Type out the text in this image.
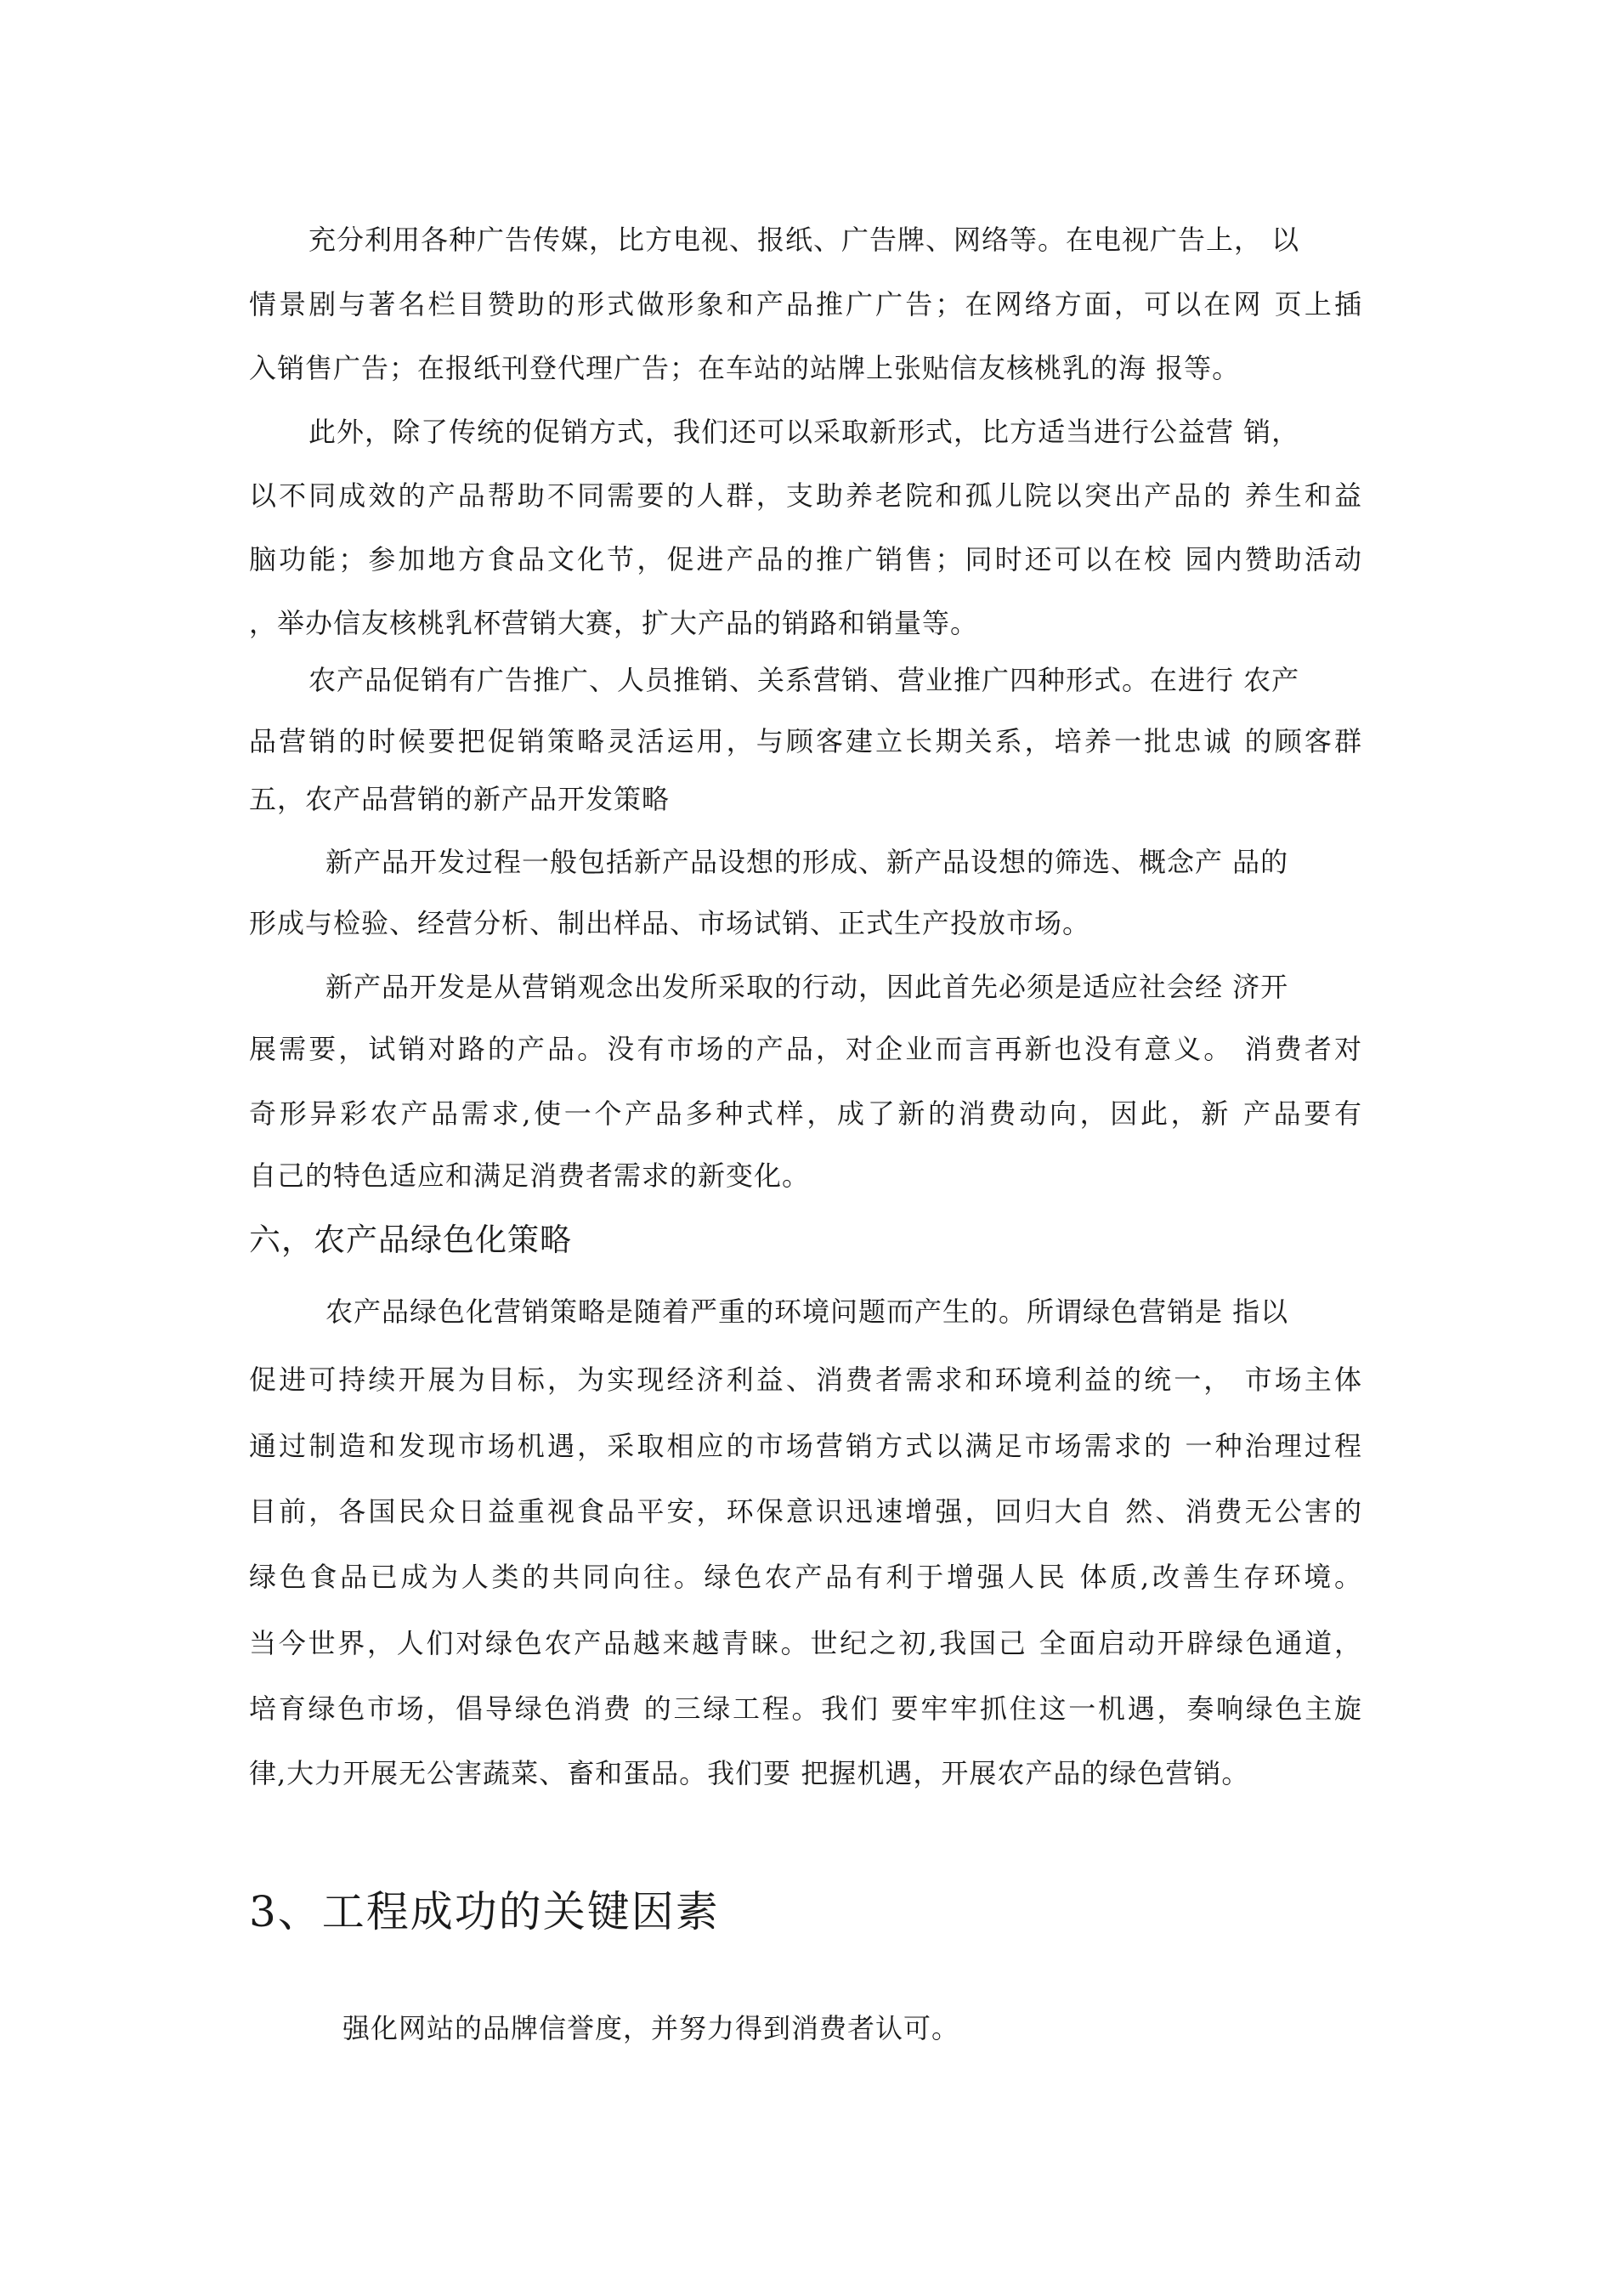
充分利用各种广告传媒，比方电视、报纸、广告牌、网络等。在电视广告上， 以
情景剧与著名栏目赞助的形式做形象和产品推广广告；在网络方面，可以在网 页上插
入销售广告；在报纸刊登代理广告；在车站的站牌上张贴信友核桃乳的海 报等。
此外，除了传统的促销方式，我们还可以采取新形式，比方适当进行公益营 销，
以不同成效的产品帮助不同需要的人群，支助养老院和孤儿院以突出产品的 养生和益
脑功能；参加地方食品文化节，促进产品的推广销售；同时还可以在校 园内赞助活动
，举办信友核桃乳杯营销大赛，扩大产品的销路和销量等。
农产品促销有广告推广、人员推销、关系营销、营业推广四种形式。在进行 农产
品营销的时候要把促销策略灵活运用，与顾客建立长期关系，培养一批忠诚 的顾客群
五，农产品营销的新产品开发策略
新产品开发过程一般包括新产品设想的形成、新产品设想的筛选、概念产 品的
形成与检验、经营分析、制出样品、市场试销、正式生产投放市场。
新产品开发是从营销观念出发所采取的行动，因此首先必须是适应社会经 济开
展需要，试销对路的产品。没有市场的产品，对企业而言再新也没有意义。 消费者对
奇形异彩农产品需求,使一个产品多种式样，成了新的消费动向，因此，新 产品要有
自己的特色适应和满足消费者需求的新变化。
六，农产品绿色化策略
农产品绿色化营销策略是随着严重的环境问题而产生的。所谓绿色营销是 指以
促进可持续开展为目标，为实现经济利益、消费者需求和环境利益的统一， 市场主体
通过制造和发现市场机遇，采取相应的市场营销方式以满足市场需求的 一种治理过程
目前，各国民众日益重视食品平安，环保意识迅速增强，回归大自 然、消费无公害的
绿色食品已成为人类的共同向往。绿色农产品有利于增强人民 体质,改善生存环境。
当今世界，人们对绿色农产品越来越青睐。世纪之初,我国己 全面启动开辟绿色通道，
培育绿色市场，倡导绿色消费 的三绿工程。我们 要牢牢抓住这一机遇，奏响绿色主旋
律,大力开展无公害蔬菜、畜和蛋品。我们要 把握机遇，开展农产品的绿色营销。
3、工程成功的关键因素
强化网站的品牌信誉度，并努力得到消费者认可。
